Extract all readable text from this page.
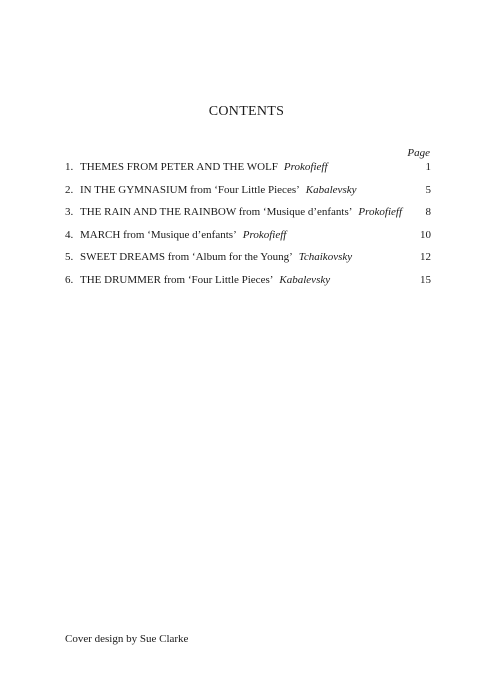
CONTENTS
Page
1. THEMES FROM PETER AND THE WOLF Prokofieff	1
2. IN THE GYMNASIUM from ‘Four Little Pieces’ Kabalevsky	5
3. THE RAIN AND THE RAINBOW from ‘Musique d’enfants’ Prokofieff	8
4. MARCH from ‘Musique d’enfants’ Prokofieff	10
5. SWEET DREAMS from ‘Album for the Young’ Tchaikovsky	12
6. THE DRUMMER from ‘Four Little Pieces’ Kabalevsky	15
Cover design by Sue Clarke
